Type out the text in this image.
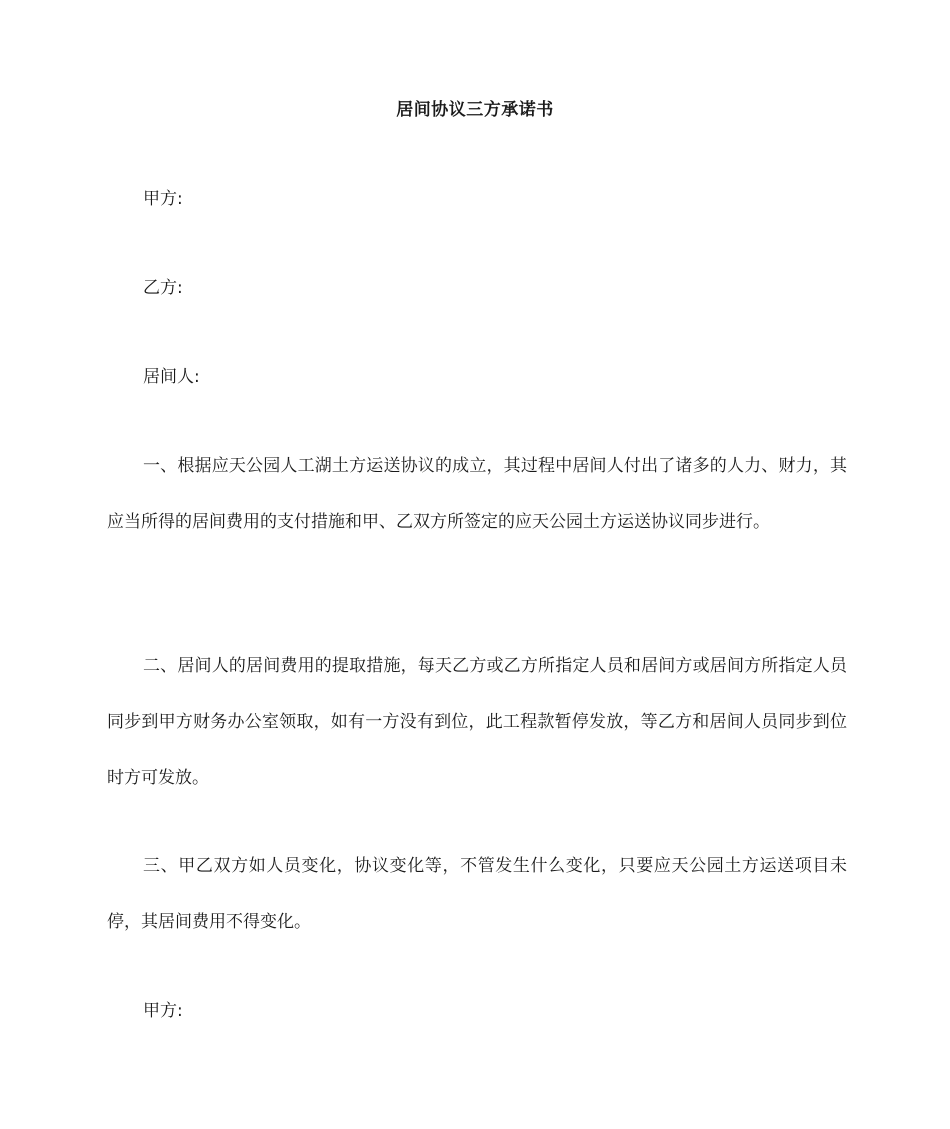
居间协议三方承诺书
甲方:
乙方:
居间人:

一、根据应天公园人工湖土方运送协议的成立，其过程中居间人付出了诸多的人力、财力，其应当所得的居间费用的支付措施和甲、乙双方所签定的应天公园土方运送协议同步进行。

二、居间人的居间费用的提取措施，每天乙方或乙方所指定人员和居间方或居间方所指定人员同步到甲方财务办公室领取，如有一方没有到位，此工程款暂停发放，等乙方和居间人员同步到位时方可发放。

三、甲乙双方如人员变化，协议变化等，不管发生什么变化，只要应天公园土方运送项目未停，其居间费用不得变化。

甲方:
